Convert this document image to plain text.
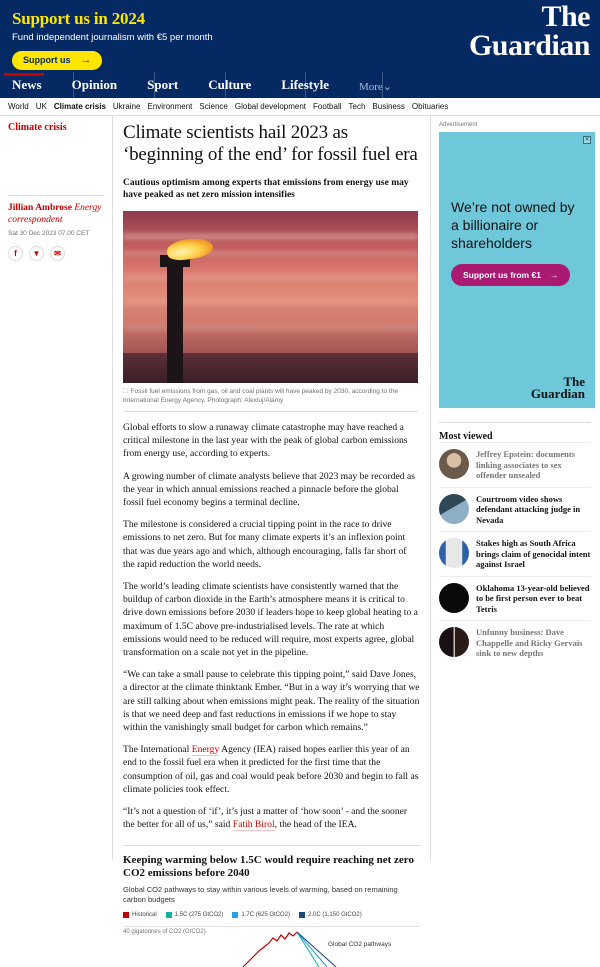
Support us in 2024
Fund independent journalism with €5 per month
Support us →
The
Guardian
News	Opinion	Sport	Culture	Lifestyle	More⌄
World UK Climate crisis Ukraine Environment Science Global development Football Tech Business Obituaries
Climate crisis
Jillian Ambrose Energy correspondent
Sat 30 Dec 2023 07.00 CET
f	▼	✉
Climate scientists hail 2023 as ‘beginning of the end’ for fossil fuel era
Cautious optimism among experts that emissions from energy use may have peaked as net zero mission intensifies
⛶ Fossil fuel emissions from gas, oil and coal plants will have peaked by 2030, according to the International Energy Agency. Photograph: Alexiuj/Alamy

Global efforts to slow a runaway climate catastrophe may have reached a critical milestone in the last year with the peak of global carbon emissions from energy use, according to experts.

A growing number of climate analysts believe that 2023 may be recorded as the year in which annual emissions reached a pinnacle before the global fossil fuel economy begins a terminal decline.

The milestone is considered a crucial tipping point in the race to drive emissions to net zero. But for many climate experts it’s an inflexion point that was due years ago and which, although encouraging, falls far short of the rapid reduction the world needs.

The world’s leading climate scientists have consistently warned that the buildup of carbon dioxide in the Earth’s atmosphere means it is critical to drive down emissions before 2030 if leaders hope to keep global heating to a maximum of 1.5C above pre-industrialised levels. The rate at which emissions would need to be reduced will require, most experts agree, global transformation on a scale not yet in the pipeline.

“We can take a small pause to celebrate this tipping point,” said Dave Jones, a director at the climate thinktank Ember. “But in a way it’s worrying that we are still talking about when emissions might peak. The reality of the situation is that we need deep and fast reductions in emissions if we hope to stay within the vanishingly small budget for carbon which remains.”

The International Energy Agency (IEA) raised hopes earlier this year of an end to the fossil fuel era when it predicted for the first time that the consumption of oil, gas and coal would peak before 2030 and begin to fall as climate policies took effect.

“It’s not a question of ‘if’, it’s just a matter of ‘how soon’ - and the sooner the better for all of us,” said Fatih Birol, the head of the IEA.

Keeping warming below 1.5C would require reaching net zero CO2 emissions before 2040
Global CO2 pathways to stay within various levels of warming, based on remaining carbon budgets
Historical	1.5C (275 GtCO2)	1.7C (625 GtCO2)	2.0C (1,150 GtCO2)
40 gigatonnes of CO2 (GtCO2)
Global CO2 pathways
Advertisement
✕
We’re not owned by a billionaire or shareholders
Support us from €1 →
The
Guardian
Most viewed
Jeffrey Epstein: documents linking associates to sex offender unsealed
Courtroom video shows defendant attacking judge in Nevada
Stakes high as South Africa brings claim of genocidal intent against Israel
Oklahoma 13-year-old believed to be first person ever to beat Tetris
Unfunny business: Dave Chappelle and Ricky Gervais sink to new depths
